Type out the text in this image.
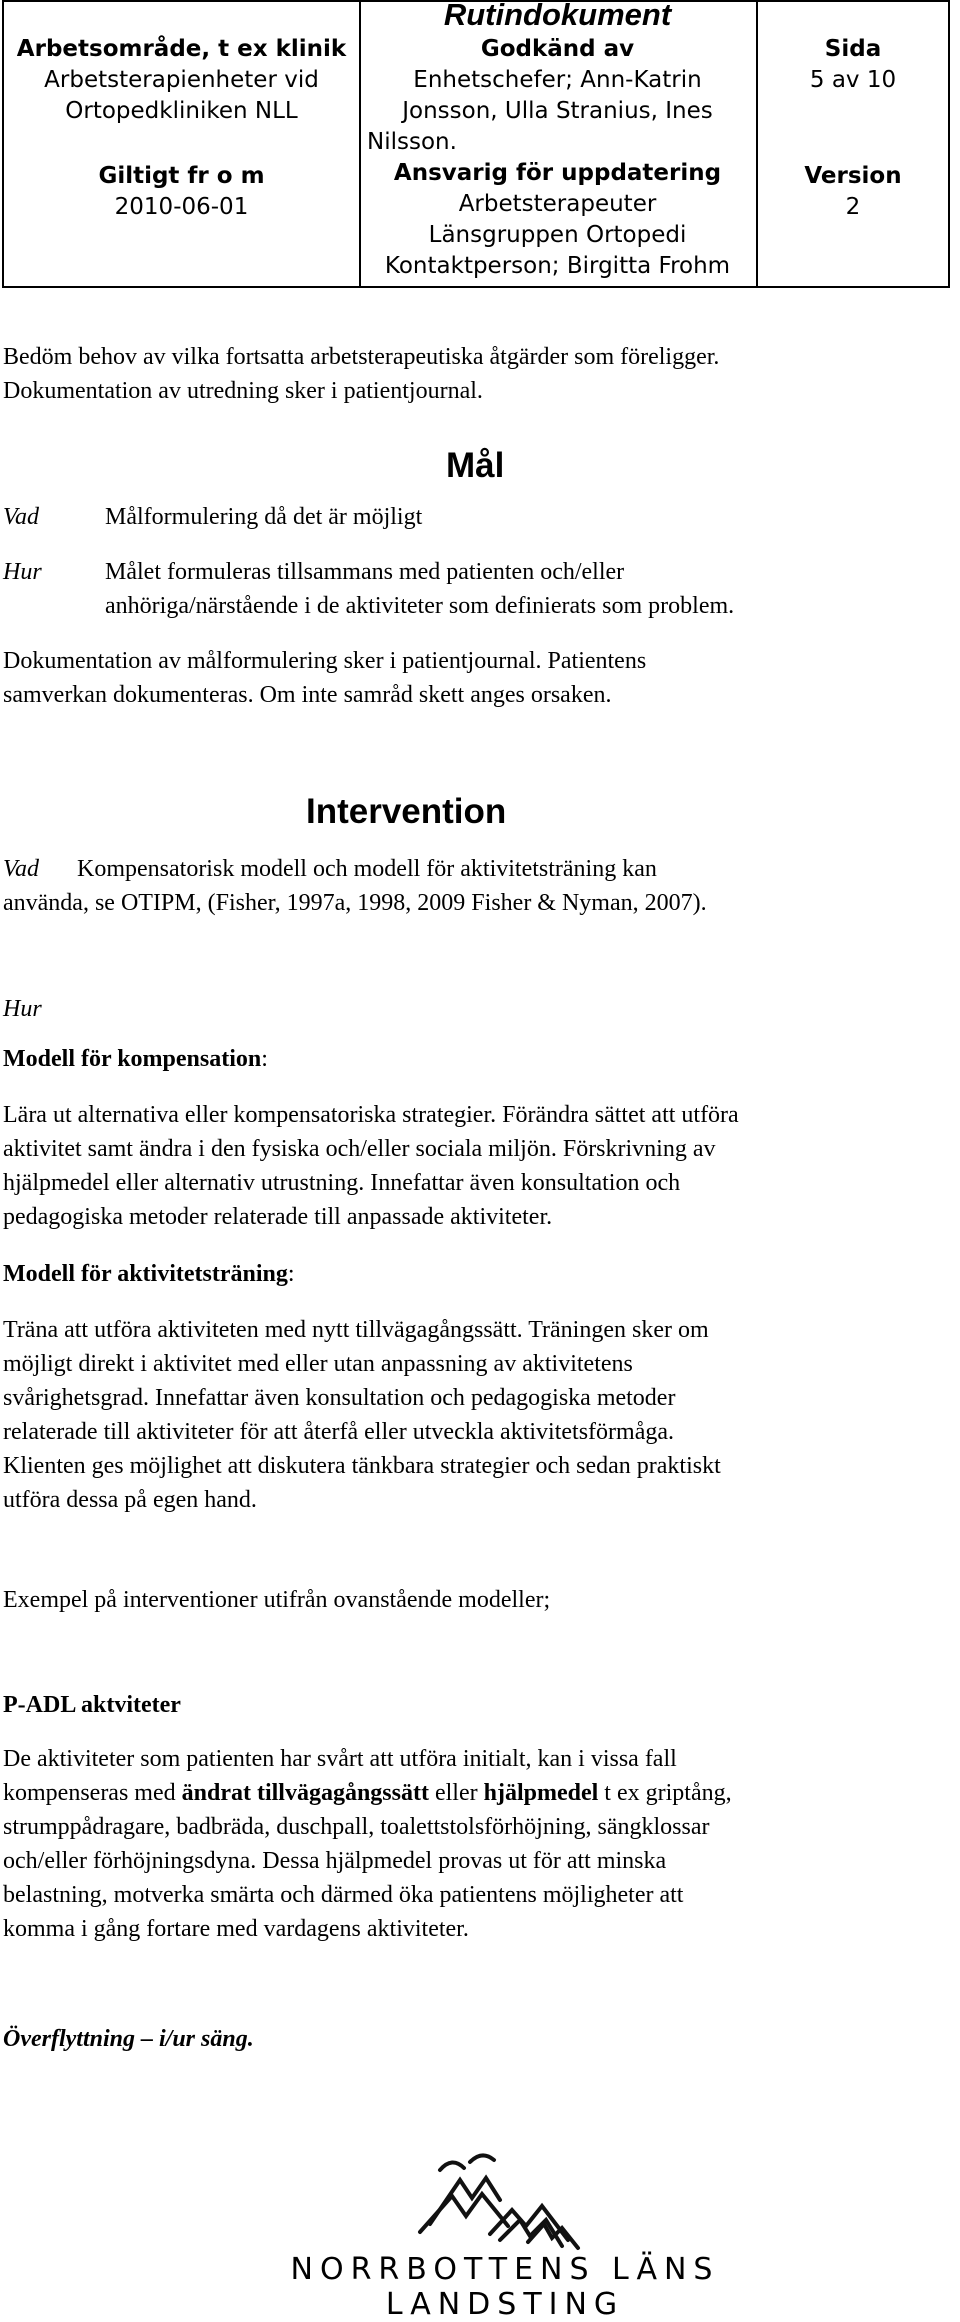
Arbetsområde, t ex klinik
Arbetsterapienheter vid
Ortopedkliniken NLL
Giltigt fr o m
2010-06-01
Rutindokument
Godkänd av
Enhetschefer; Ann-Katrin
Jonsson, Ulla Stranius, Ines
Nilsson.
Ansvarig för uppdatering
Arbetsterapeuter
Länsgruppen Ortopedi
Kontaktperson; Birgitta Frohm
Sida
5 av 10
Version
2
Bedöm behov av vilka fortsatta arbetsterapeutiska åtgärder som föreligger.
Dokumentation av utredning sker i patientjournal.
Mål
Vad	Målformulering då det är möjligt
Hur	Målet formuleras tillsammans med patienten och/eller
anhöriga/närstående i de aktiviteter som definierats som problem.
Dokumentation av målformulering sker i patientjournal. Patientens
samverkan dokumenteras. Om inte samråd skett anges orsaken.
Intervention
Vad Kompensatorisk modell och modell för aktivitetsträning kan
använda, se OTIPM, (Fisher, 1997a, 1998, 2009 Fisher & Nyman, 2007).
Hur
Modell för kompensation:
Lära ut alternativa eller kompensatoriska strategier. Förändra sättet att utföra
aktivitet samt ändra i den fysiska och/eller sociala miljön. Förskrivning av
hjälpmedel eller alternativ utrustning. Innefattar även konsultation och
pedagogiska metoder relaterade till anpassade aktiviteter.
Modell för aktivitetsträning:
Träna att utföra aktiviteten med nytt tillvägagångssätt. Träningen sker om
möjligt direkt i aktivitet med eller utan anpassning av aktivitetens
svårighetsgrad. Innefattar även konsultation och pedagogiska metoder
relaterade till aktiviteter för att återfå eller utveckla aktivitetsförmåga.
Klienten ges möjlighet att diskutera tänkbara strategier och sedan praktiskt
utföra dessa på egen hand.
Exempel på interventioner utifrån ovanstående modeller;
P-ADL aktviteter
De aktiviteter som patienten har svårt att utföra initialt, kan i vissa fall
kompenseras med ändrat tillvägagångssätt eller hjälpmedel t ex griptång,
strumppådragare, badbräda, duschpall, toalettstolsförhöjning, sängklossar
och/eller förhöjningsdyna. Dessa hjälpmedel provas ut för att minska
belastning, motverka smärta och därmed öka patientens möjligheter att
komma i gång fortare med vardagens aktiviteter.
Överflyttning – i/ur säng.
NORRBOTTENS LÄNS LANDSTING
